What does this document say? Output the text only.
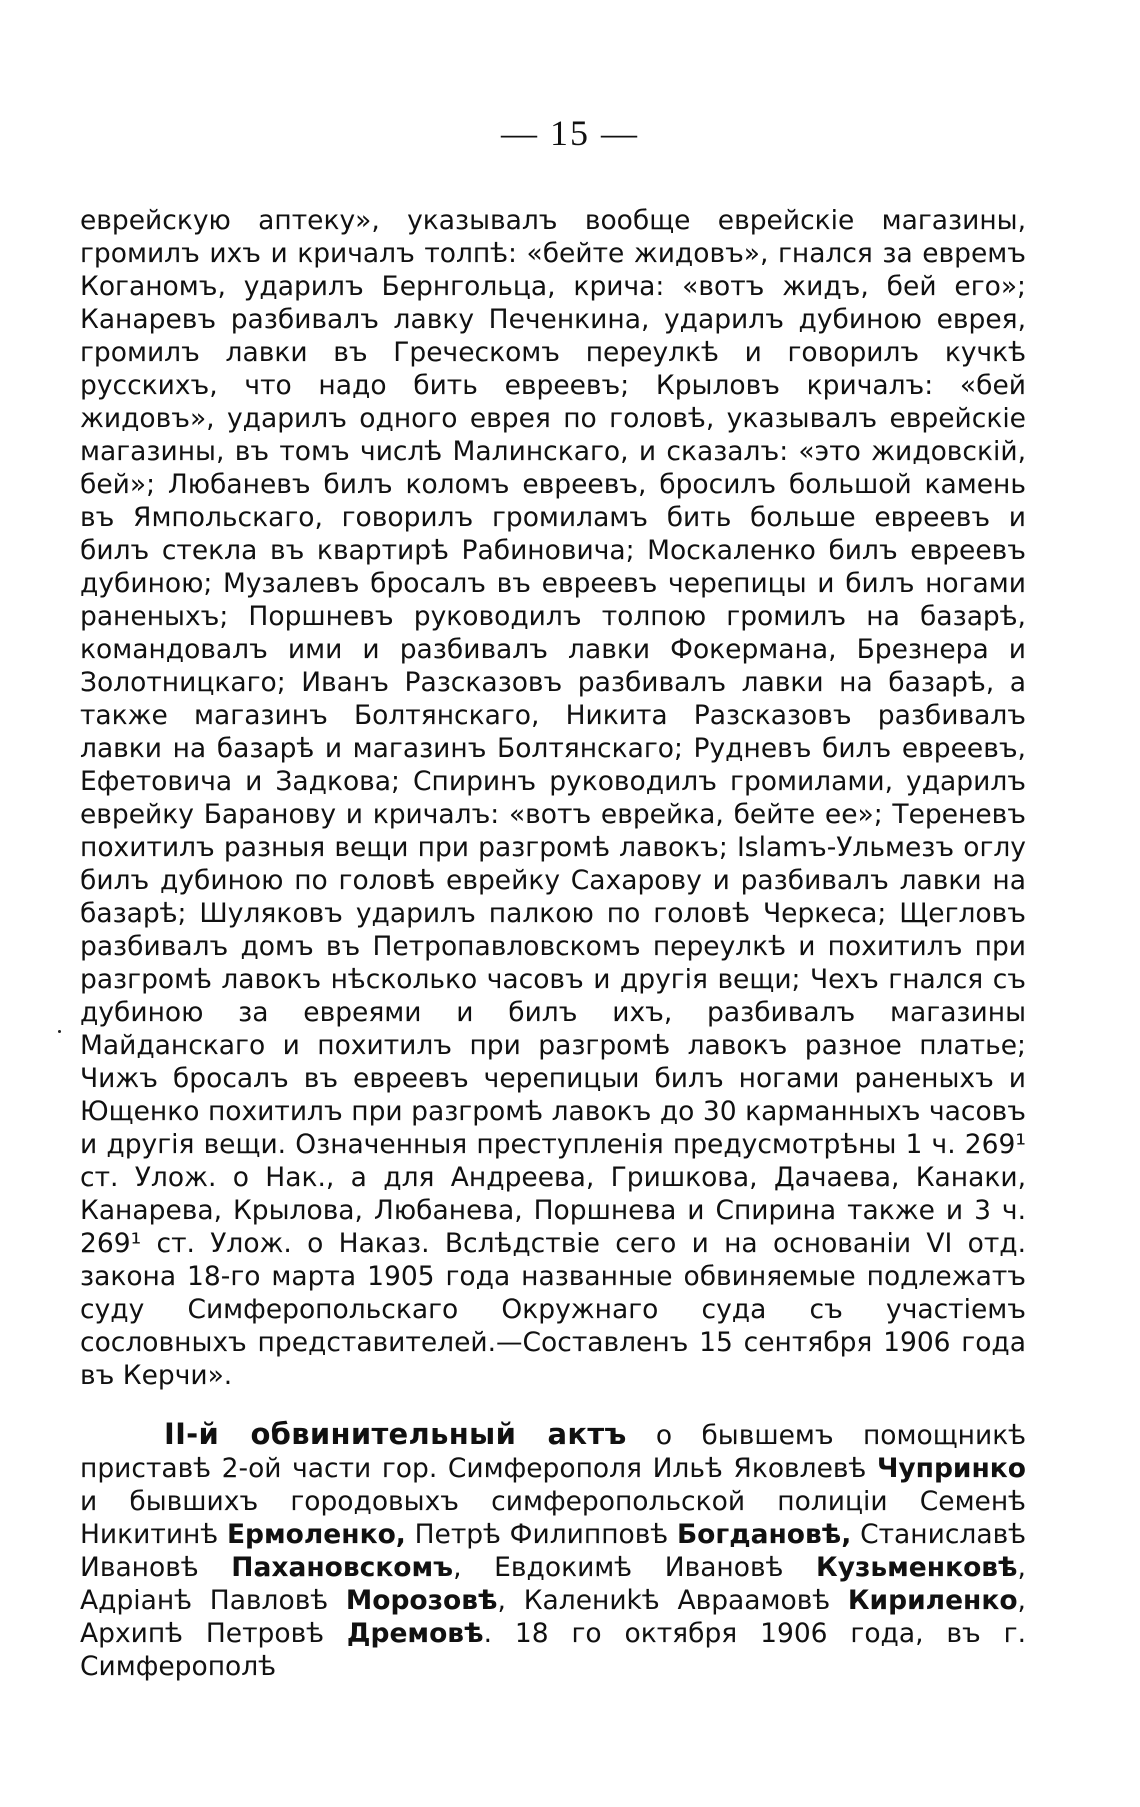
— 15 —
еврейскую аптеку», указывалъ вообще еврейскіе магазины, громилъ ихъ и кричалъ толпѣ: «бейте жидовъ», гнался за евремъ Коганомъ, ударилъ Бернгольца, крича: «вотъ жидъ, бей его»; Канаревъ разбивалъ лавку Печенкина, ударилъ дубиною еврея, громилъ лавки въ Греческомъ переулкѣ и говорилъ кучкѣ русскихъ, что надо бить евреевъ; Крыловъ кричалъ: «бей жидовъ», ударилъ одного еврея по головѣ, указывалъ еврейскіе магазины, въ томъ числѣ Малинскаго, и сказалъ: «это жидовскій, бей»; Любаневъ билъ коломъ евреевъ, бросилъ большой камень въ Ямпольскаго, говорилъ громиламъ бить больше евреевъ и билъ стекла въ квартирѣ Рабиновича; Москаленко билъ евреевъ дубиною; Музалевъ бросалъ въ евреевъ черепицы и билъ ногами раненыхъ; Поршневъ руководилъ толпою громилъ на базарѣ, командовалъ ими и разбивалъ лавки Фокермана, Брезнера и Золотницкаго; Иванъ Разсказовъ разбивалъ лавки на базарѣ, а также магазинъ Болтянскаго, Никита Разсказовъ разбивалъ лавки на базарѣ и магазинъ Болтянскаго; Рудневъ билъ евреевъ, Ефетовича и Задкова; Спиринъ руководилъ громилами, ударилъ еврейку Баранову и кричалъ: «вотъ еврейка, бейте ее»; Тереневъ похитилъ разныя вещи при разгромѣ лавокъ; Islamъ-Ульмезъ оглу билъ дубиною по головѣ еврейку Сахарову и разбивалъ лавки на базарѣ; Шуляковъ ударилъ палкою по головѣ Черкеса; Щегловъ разбивалъ домъ въ Петропавловскомъ переулкѣ и похитилъ при разгромѣ лавокъ нѣсколько часовъ и другія вещи; Чехъ гнался съ дубиною за евреями и билъ ихъ, разбивалъ магазины Майданскаго и похитилъ при разгромѣ лавокъ разное платье; Чижъ бросалъ въ евреевъ черепицыи билъ ногами раненыхъ и Ющенко похитилъ при разгромѣ лавокъ до 30 карманныхъ часовъ и другія вещи. Означенныя преступленія предусмотрѣны 1 ч. 269¹ ст. Улож. о Нак., а для Андреева, Гришкова, Дачаева, Канаки, Канарева, Крылова, Любанева, Поршнева и Спирина также и 3 ч. 269¹ ст. Улож. о Наказ. Вслѣдствіе сего и на основаніи VI отд. закона 18-го марта 1905 года названные обвиняемые подлежатъ суду Симферопольскаго Окружнаго суда съ участіемъ сословныхъ представителей.—Составленъ 15 сентября 1906 года въ Керчи».
II-й обвинительный актъ о бывшемъ помощникѣ приставѣ 2-ой части гор. Симферополя Ильѣ Яковлевѣ Чупринко и бывшихъ городовыхъ симферопольской полиціи Семенѣ Никитинѣ Ермоленко, Петрѣ Филипповѣ Богдановѣ, Станиславѣ Ивановѣ Пахановскомъ, Евдокимѣ Ивановѣ Кузьменковѣ, Адріанѣ Павловѣ Морозовѣ, Калениkѣ Авраамовѣ Кириленко, Архипѣ Петровѣ Дремовѣ. 18 го октября 1906 года, въ г. Симферополѣ
